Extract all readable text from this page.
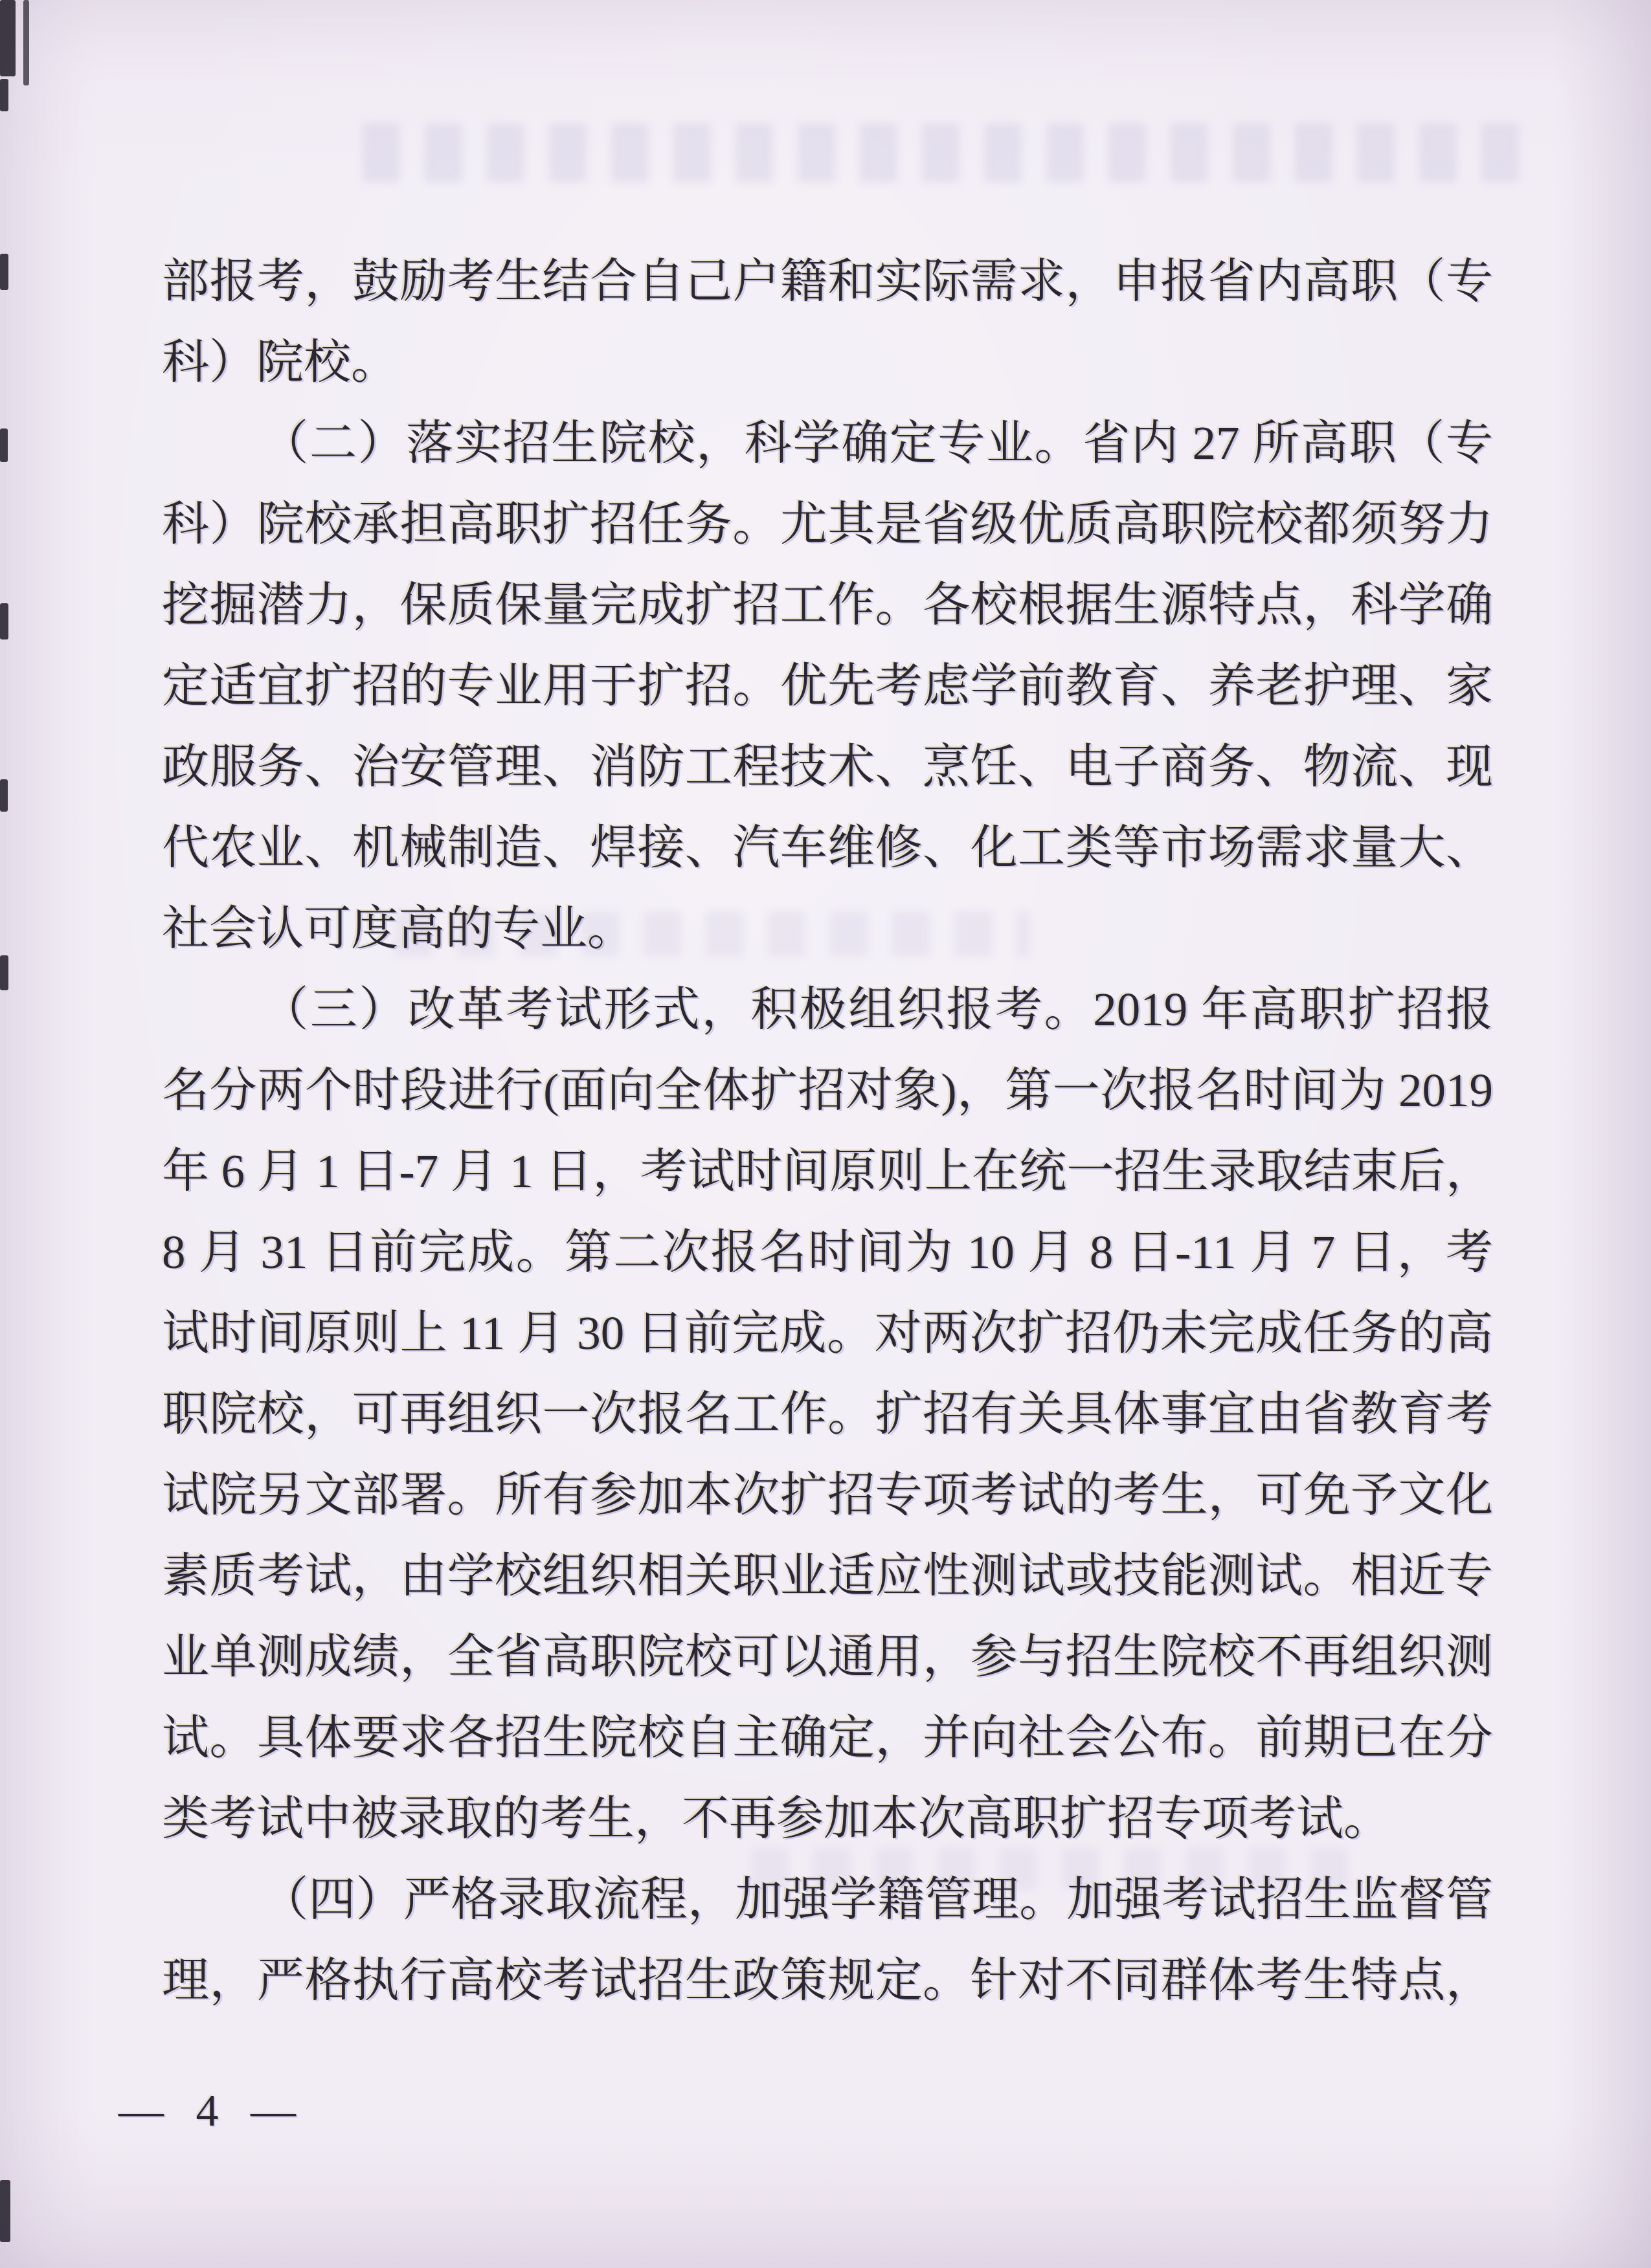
部报考，鼓励考生结合自己户籍和实际需求，申报省内高职（专
科）院校。
（二）落实招生院校，科学确定专业。省内 27 所高职（专
科）院校承担高职扩招任务。尤其是省级优质高职院校都须努力
挖掘潜力，保质保量完成扩招工作。各校根据生源特点，科学确
定适宜扩招的专业用于扩招。优先考虑学前教育、养老护理、家
政服务、治安管理、消防工程技术、烹饪、电子商务、物流、现
代农业、机械制造、焊接、汽车维修、化工类等市场需求量大、
社会认可度高的专业。
（三）改革考试形式，积极组织报考。2019 年高职扩招报
名分两个时段进行(面向全体扩招对象)，第一次报名时间为 2019
年 6 月 1 日-7 月 1 日，考试时间原则上在统一招生录取结束后，
8 月 31 日前完成。第二次报名时间为 10 月 8 日-11 月 7 日，考
试时间原则上 11 月 30 日前完成。对两次扩招仍未完成任务的高
职院校，可再组织一次报名工作。扩招有关具体事宜由省教育考
试院另文部署。所有参加本次扩招专项考试的考生，可免予文化
素质考试，由学校组织相关职业适应性测试或技能测试。相近专
业单测成绩，全省高职院校可以通用，参与招生院校不再组织测
试。具体要求各招生院校自主确定，并向社会公布。前期已在分
类考试中被录取的考生，不再参加本次高职扩招专项考试。
（四）严格录取流程，加强学籍管理。加强考试招生监督管
理，严格执行高校考试招生政策规定。针对不同群体考生特点，
— 4 —
